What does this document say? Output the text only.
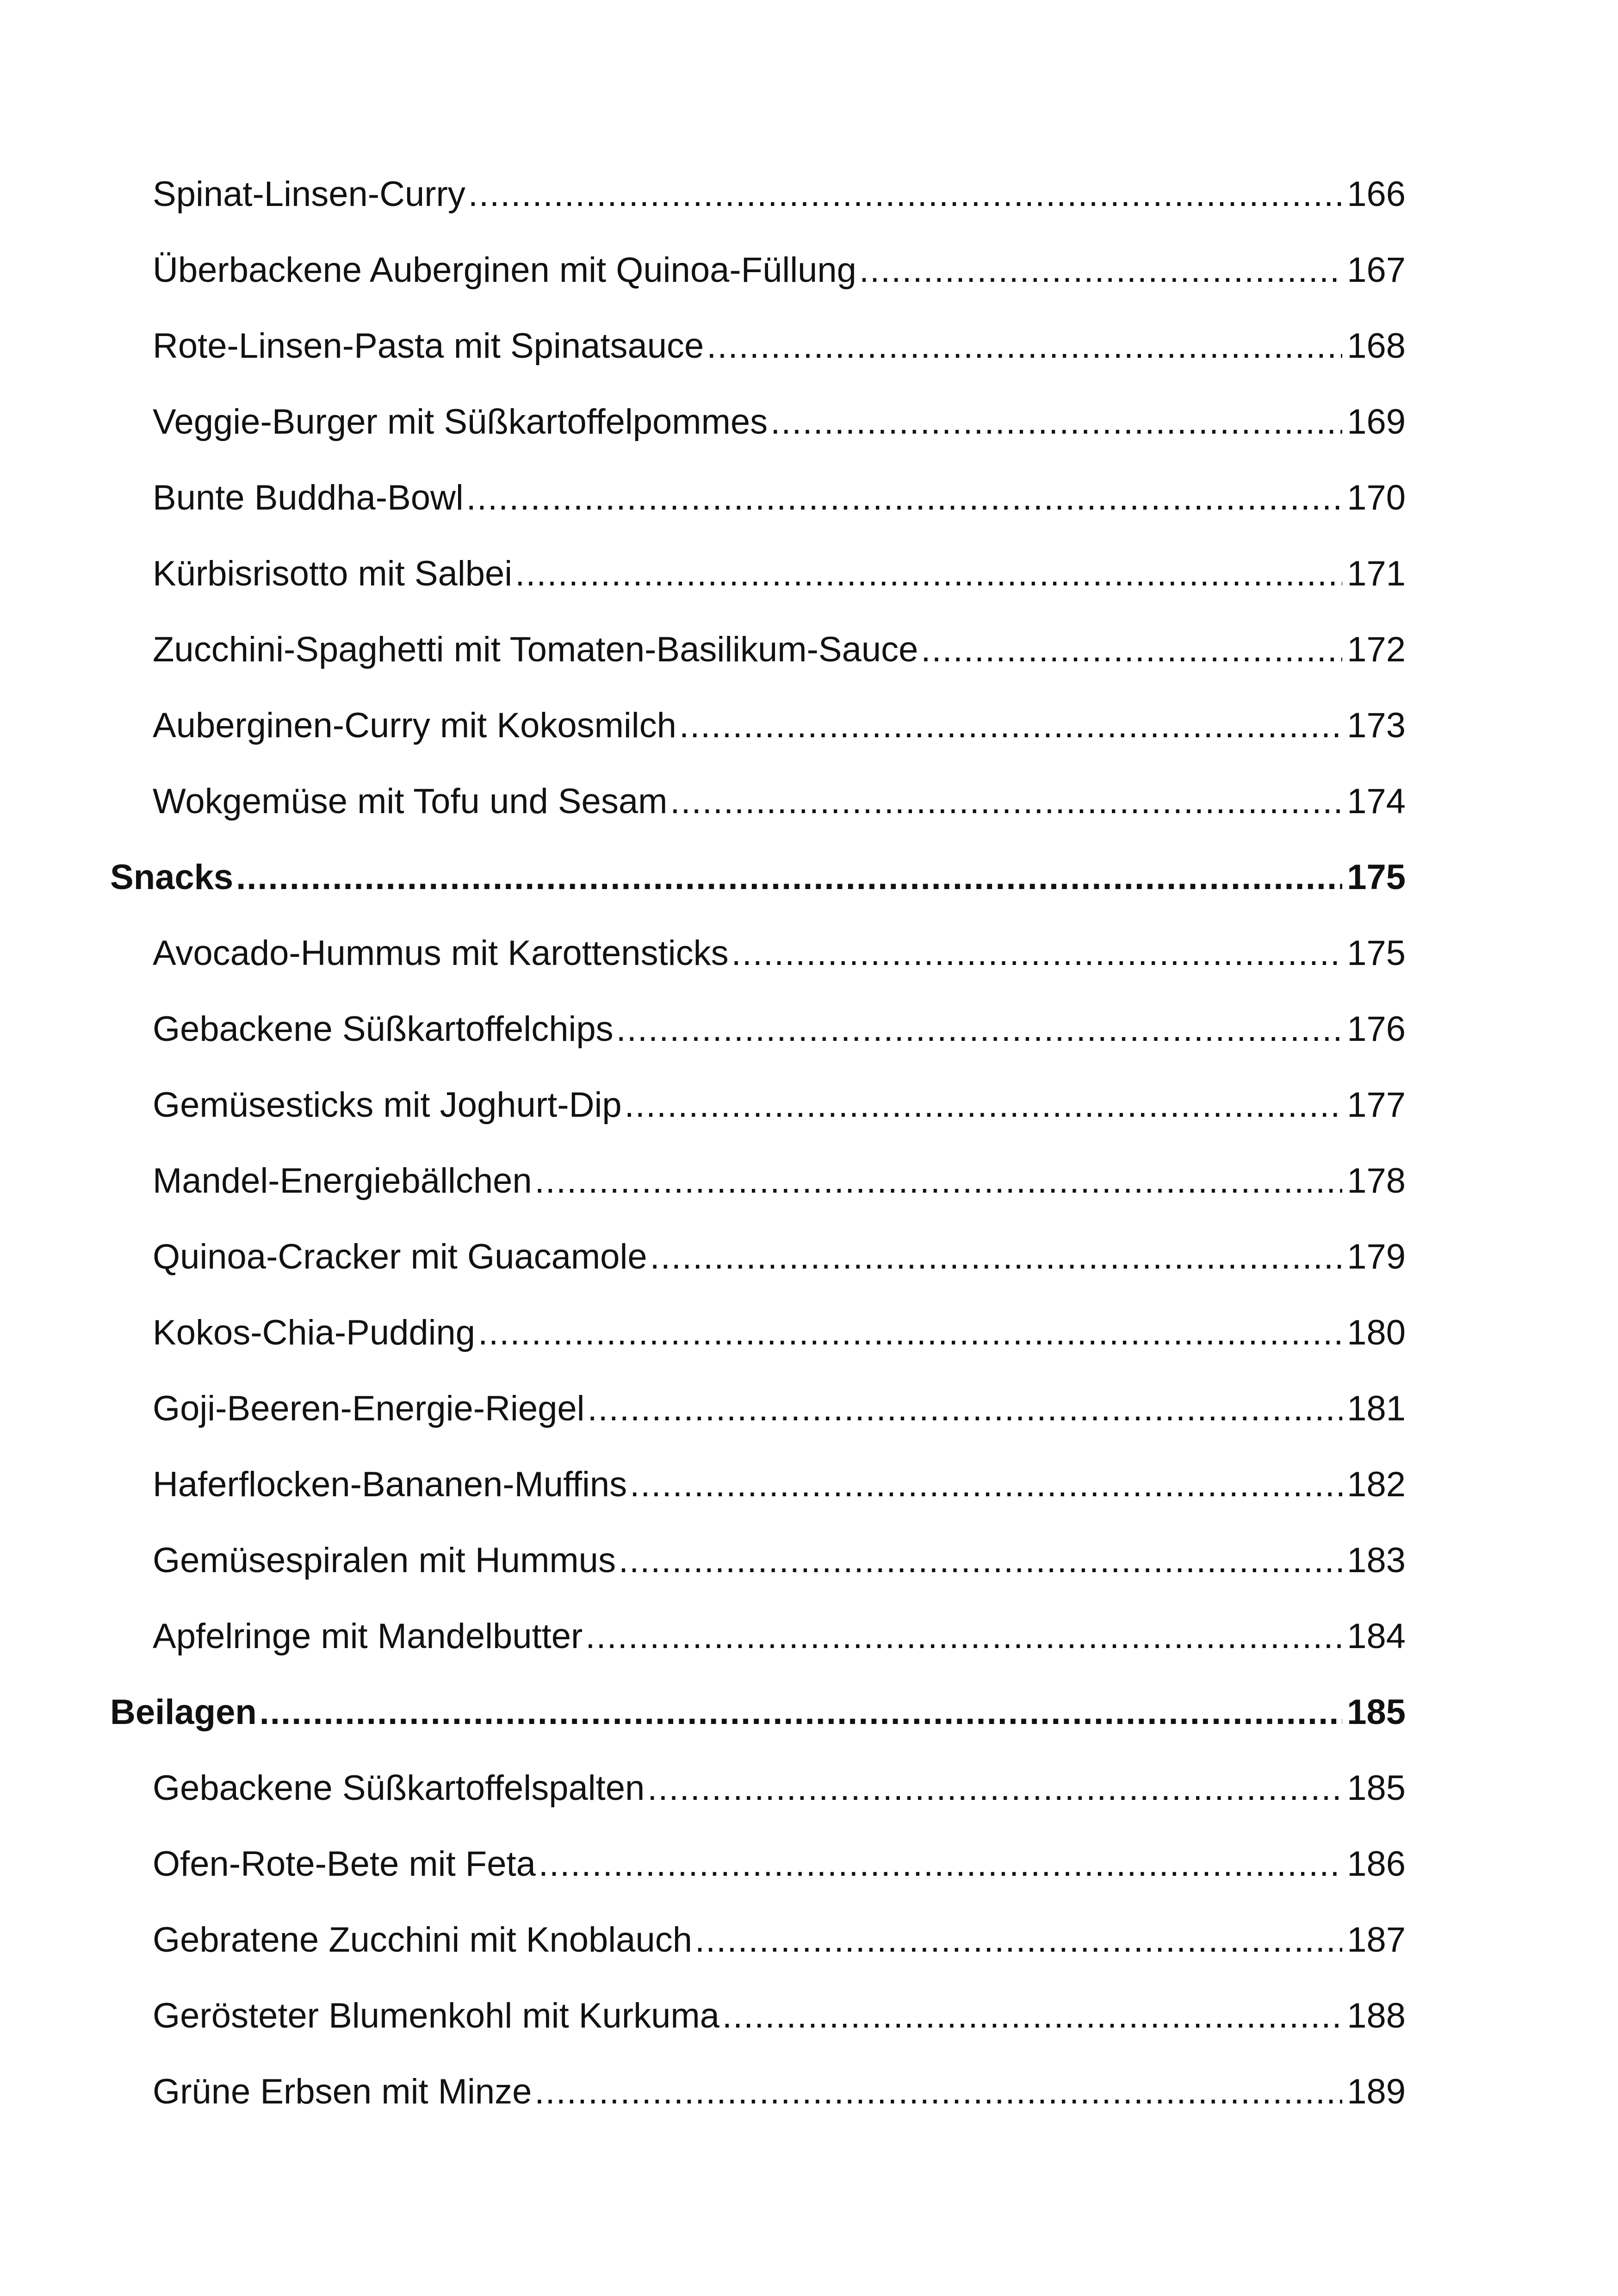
Spinat-Linsen-Curry .....	166
Überbackene Auberginen mit Quinoa-Füllung .....	167
Rote-Linsen-Pasta mit Spinatsauce .....	168
Veggie-Burger mit Süßkartoffelpommes .....	169
Bunte Buddha-Bowl .....	170
Kürbisrisotto mit Salbei .....	171
Zucchini-Spaghetti mit Tomaten-Basilikum-Sauce .....	172
Auberginen-Curry mit Kokosmilch .....	173
Wokgemüse mit Tofu und Sesam .....	174
Snacks .....	175
Avocado-Hummus mit Karottensticks .....	175
Gebackene Süßkartoffelchips .....	176
Gemüsesticks mit Joghurt-Dip .....	177
Mandel-Energiebällchen .....	178
Quinoa-Cracker mit Guacamole .....	179
Kokos-Chia-Pudding .....	180
Goji-Beeren-Energie-Riegel .....	181
Haferflocken-Bananen-Muffins .....	182
Gemüsespiralen mit Hummus .....	183
Apfelringe mit Mandelbutter .....	184
Beilagen .....	185
Gebackene Süßkartoffelspalten .....	185
Ofen-Rote-Bete mit Feta .....	186
Gebratene Zucchini mit Knoblauch .....	187
Gerösteter Blumenkohl mit Kurkuma .....	188
Grüne Erbsen mit Minze .....	189
